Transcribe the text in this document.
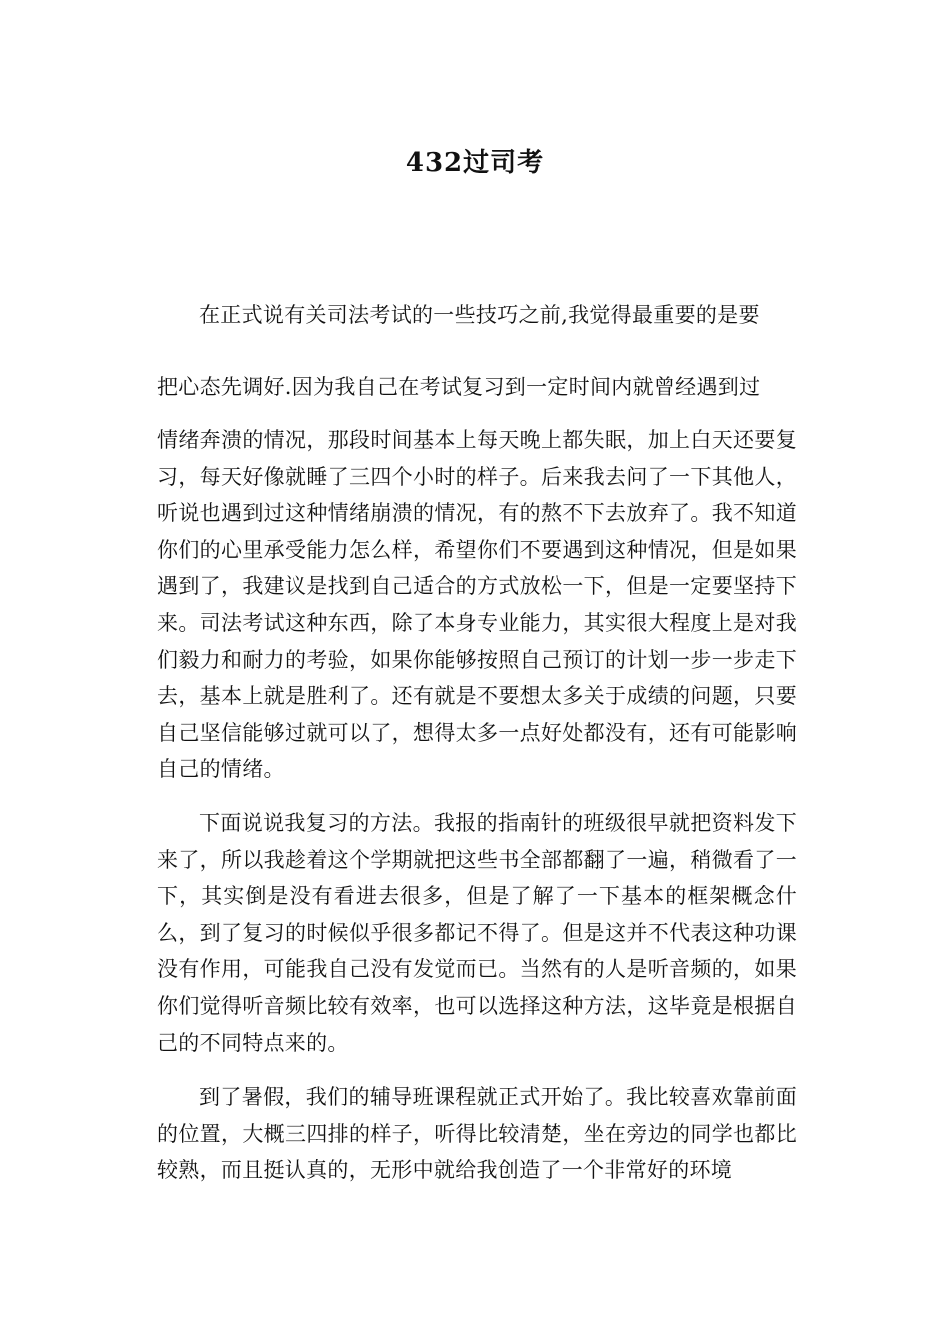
432过司考

在正式说有关司法考试的一些技巧之前,我觉得最重要的是要

把心态先调好.因为我自己在考试复习到一定时间内就曾经遇到过

情绪奔溃的情况，那段时间基本上每天晚上都失眠，加上白天还要复习，每天好像就睡了三四个小时的样子。后来我去问了一下其他人，听说也遇到过这种情绪崩溃的情况，有的熬不下去放弃了。我不知道你们的心里承受能力怎么样，希望你们不要遇到这种情况，但是如果遇到了，我建议是找到自己适合的方式放松一下，但是一定要坚持下来。司法考试这种东西，除了本身专业能力，其实很大程度上是对我们毅力和耐力的考验，如果你能够按照自己预订的计划一步一步走下去，基本上就是胜利了。还有就是不要想太多关于成绩的问题，只要自己坚信能够过就可以了，想得太多一点好处都没有，还有可能影响自己的情绪。

下面说说我复习的方法。我报的指南针的班级很早就把资料发下来了，所以我趁着这个学期就把这些书全部都翻了一遍，稍微看了一下，其实倒是没有看进去很多，但是了解了一下基本的框架概念什么，到了复习的时候似乎很多都记不得了。但是这并不代表这种功课没有作用，可能我自己没有发觉而已。当然有的人是听音频的，如果你们觉得听音频比较有效率，也可以选择这种方法，这毕竟是根据自己的不同特点来的。

到了暑假，我们的辅导班课程就正式开始了。我比较喜欢靠前面的位置，大概三四排的样子，听得比较清楚，坐在旁边的同学也都比较熟，而且挺认真的，无形中就给我创造了一个非常好的环境
